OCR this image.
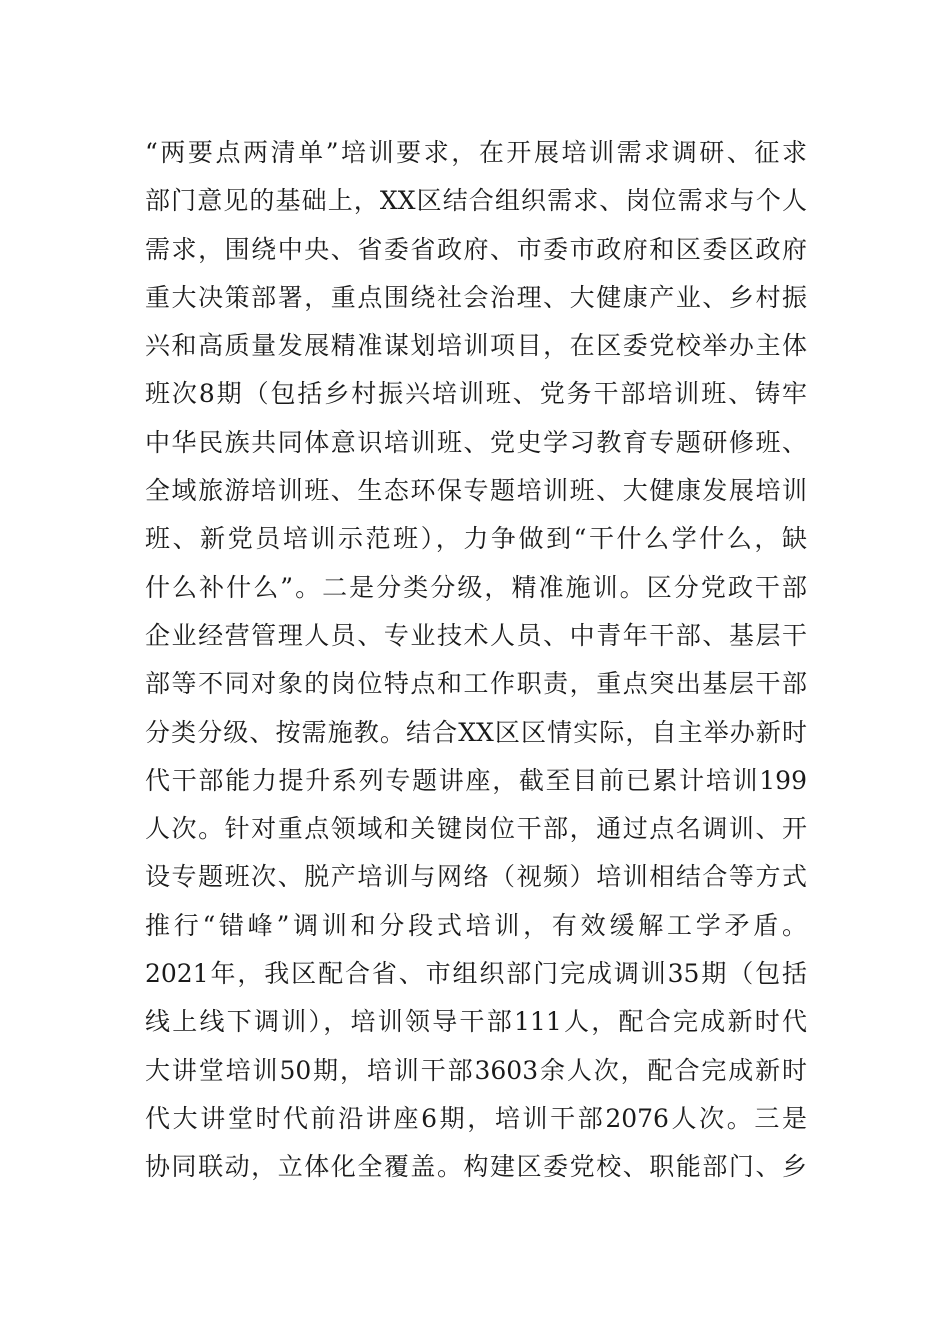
“两要点两清单”培训要求，在开展培训需求调研、征求
部门意见的基础上，XX区结合组织需求、岗位需求与个人
需求，围绕中央、省委省政府、市委市政府和区委区政府
重大决策部署，重点围绕社会治理、大健康产业、乡村振
兴和高质量发展精准谋划培训项目，在区委党校举办主体
班次8期（包括乡村振兴培训班、党务干部培训班、铸牢
中华民族共同体意识培训班、党史学习教育专题研修班、
全域旅游培训班、生态环保专题培训班、大健康发展培训
班、新党员培训示范班），力争做到“干什么学什么，缺
什么补什么”。二是分类分级，精准施训。区分党政干部
企业经营管理人员、专业技术人员、中青年干部、基层干
部等不同对象的岗位特点和工作职责，重点突出基层干部
分类分级、按需施教。结合XX区区情实际，自主举办新时
代干部能力提升系列专题讲座，截至目前已累计培训199
人次。针对重点领域和关键岗位干部，通过点名调训、开
设专题班次、脱产培训与网络（视频）培训相结合等方式
推行“错峰”调训和分段式培训，有效缓解工学矛盾。
2021年，我区配合省、市组织部门完成调训35期（包括
线上线下调训），培训领导干部111人，配合完成新时代
大讲堂培训50期，培训干部3603余人次，配合完成新时
代大讲堂时代前沿讲座6期，培训干部2076人次。三是
协同联动，立体化全覆盖。构建区委党校、职能部门、乡
